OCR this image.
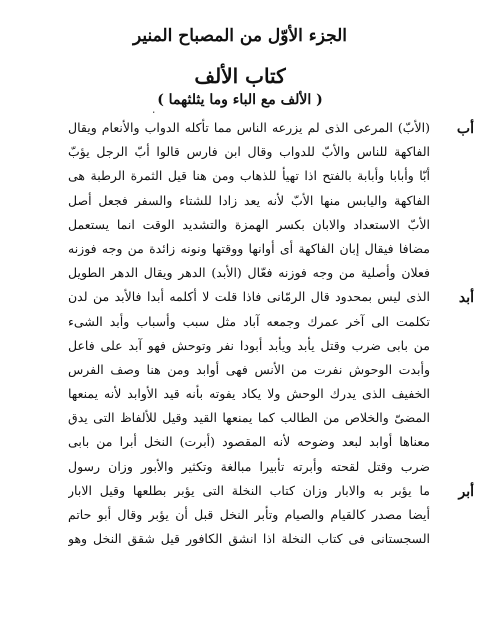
الجزء الأوّل من المصباح المنير
كتاب الألف
( الألف مع الباء وما يثلثهما )
٠
أب
أبد
أبر
(الأبّ) المرعى الذى لم يزرعه الناس مما تأكله الدواب والأنعام ويقال
الفاكهة للناس والأبّ للدواب وقال ابن فارس قالوا أبّ الرجل يؤبّ
أبّا وأبابا وأبابة بالفتح اذا تهيأ للذهاب ومن هنا قيل الثمرة الرطبة هى
الفاكهة واليابس منها الأبّ لأنه يعد زادا للشتاء والسفر فجعل أصل
الأبّ الاستعداد والابان بكسر الهمزة والتشديد الوقت انما يستعمل
مضافا فيقال إبان الفاكهة أى أوانها ووقتها ونونه زائدة من وجه فوزنه
فعلان وأصلية من وجه فوزنه فعّال (الأبد) الدهر ويقال الدهر الطويل
الذى ليس بمحدود قال الرمّانى فاذا قلت لا أكلمه أبدا فالأبد من لدن
تكلمت الى آخر عمرك وجمعه آباد مثل سبب وأسباب وأبد الشىء
من بابى ضرب وقتل يأبد ويأبد أبودا نفر وتوحش فهو آبد على فاعل
وأبدت الوحوش نفرت من الأنس فهى أوابد ومن هنا وصف الفرس
الخفيف الذى يدرك الوحش ولا يكاد يفوته بأنه قيد الأوابد لأنه يمنعها
المضىّ والخلاص من الطالب كما يمنعها القيد وقيل للألفاظ التى يدق
معناها أوابد لبعد وضوحه لأنه المقصود (أبرت) النخل أبرا من بابى
ضرب وقتل لقحته وأبرته تأبيرا مبالغة وتكثير والأبور وزان رسول
ما يؤبر به والابار وزان كتاب النخلة التى يؤبر بطلعها وقيل الابار
أيضا مصدر كالقيام والصيام وتأبر النخل قبل أن يؤبر وقال أبو حاتم
السجستانى فى كتاب النخلة اذا انشق الكافور قيل شقق النخل وهو
